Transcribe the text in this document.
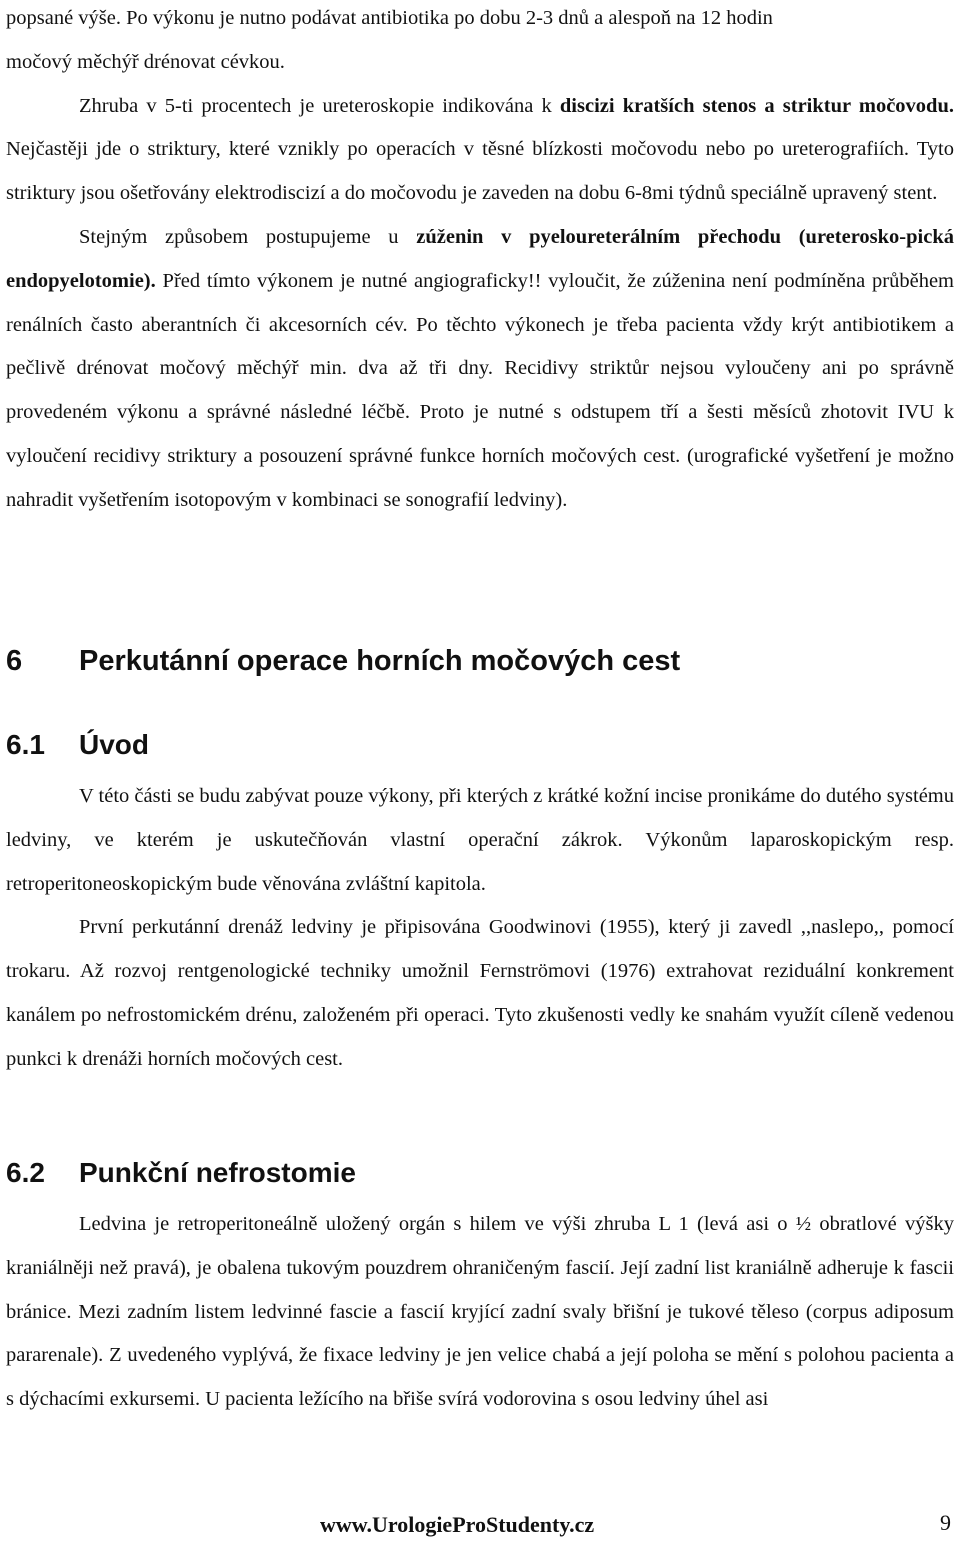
popsané výše. Po výkonu je nutno podávat antibiotika po dobu 2-3 dnů a alespoň na 12 hodin
močový měchýř drénovat cévkou.

Zhruba v 5-ti procentech je ureteroskopie indikována k discizi kratších stenos a striktur močovodu. Nejčastěji jde o striktury, které vznikly po operacích v těsné blízkosti močovodu nebo po ureterografiích. Tyto striktury jsou ošetřovány elektrodiscizí a do močovodu je zaveden na dobu 6-8mi týdnů speciálně upravený stent.

Stejným způsobem postupujeme u zúženin v pyeloureterálním přechodu (ureterosko-pická endopyelotomie). Před tímto výkonem je nutné angiograficky!! vyloučit, že zúženina není podmíněna průběhem renálních často aberantních či akcesorních cév. Po těchto výkonech je třeba pacienta vždy krýt antibiotikem a pečlivě drénovat močový měchýř min. dva až tři dny. Recidivy striktůr nejsou vyloučeny ani po správně provedeném výkonu a správné následné léčbě. Proto je nutné s odstupem tří a šesti měsíců zhotovit IVU k vyloučení recidivy striktury a posouzení správné funkce horních močových cest. (urografické vyšetření je možno nahradit vyšetřením isotopovým v kombinaci se sonografií ledviny).

6 Perkutánní operace horních močových cest
6.1 Úvod

V této části se budu zabývat pouze výkony, při kterých z krátké kožní incise pronikáme do dutého systému ledviny, ve kterém je uskutečňován vlastní operační zákrok. Výkonům laparoskopickým resp. retroperitoneoskopickým bude věnována zvláštní kapitola.

První perkutánní drenáž ledviny je připisována Goodwinovi (1955), který ji zavedl ,,naslepo,, pomocí trokaru. Až rozvoj rentgenologické techniky umožnil Fernströmovi (1976) extrahovat reziduální konkrement kanálem po nefrostomickém drénu, založeném při operaci. Tyto zkušenosti vedly ke snahám využít cíleně vedenou punkci k drenáži horních močových cest.

6.2 Punkční nefrostomie

Ledvina je retroperitoneálně uložený orgán s hilem ve výši zhruba L 1 (levá asi o ½ obratlové výšky kraniálněji než pravá), je obalena tukovým pouzdrem ohraničeným fascií. Její zadní list kraniálně adheruje k fascii bránice. Mezi zadním listem ledvinné fascie a fascií kryjící zadní svaly břišní je tukové těleso (corpus adiposum pararenale). Z uvedeného vyplývá, že fixace ledviny je jen velice chabá a její poloha se mění s polohou pacienta a s dýchacími exkursemi. U pacienta ležícího na břiše svírá vodorovina s osou ledviny úhel asi

www.UrologieProStudenty.cz	9
